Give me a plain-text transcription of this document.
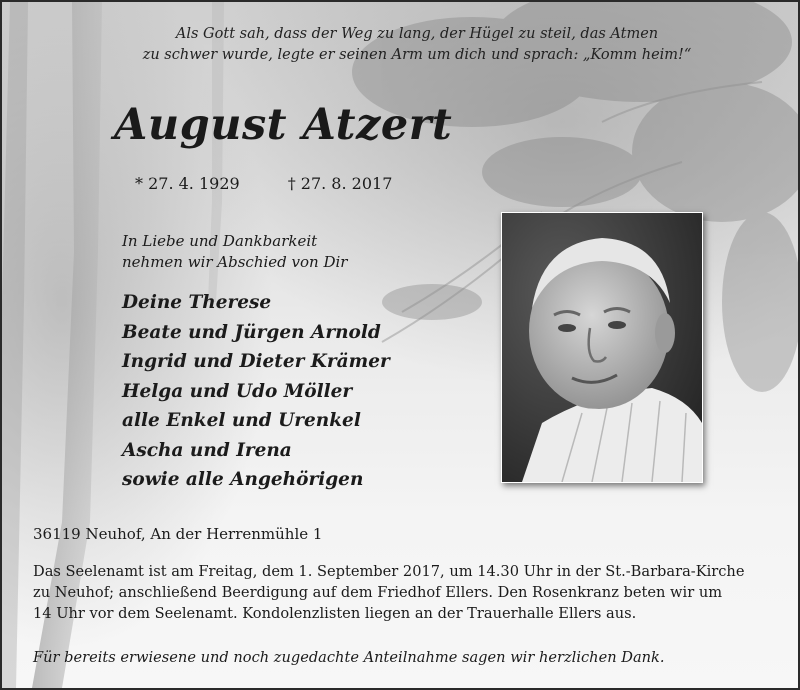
Als Gott sah, dass der Weg zu lang, der Hügel zu steil, das Atmen
zu schwer wurde, legte er seinen Arm um dich und sprach: „Komm heim!“
August Atzert
* 27. 4. 1929	† 27. 8. 2017
In Liebe und Dankbarkeit
nehmen wir Abschied von Dir
Deine Therese
Beate und Jürgen Arnold
Ingrid und Dieter Krämer
Helga und Udo Möller
alle Enkel und Urenkel
Ascha und Irena
sowie alle Angehörigen
36119 Neuhof, An der Herrenmühle 1
Das Seelenamt ist am Freitag, dem 1. September 2017, um 14.30 Uhr in der St.-Barbara-Kirche
zu Neuhof; anschließend Beerdigung auf dem Friedhof Ellers. Den Rosenkranz beten wir um
14 Uhr vor dem Seelenamt. Kondolenzlisten liegen an der Trauerhalle Ellers aus.
Für bereits erwiesene und noch zugedachte Anteilnahme sagen wir herzlichen Dank.
